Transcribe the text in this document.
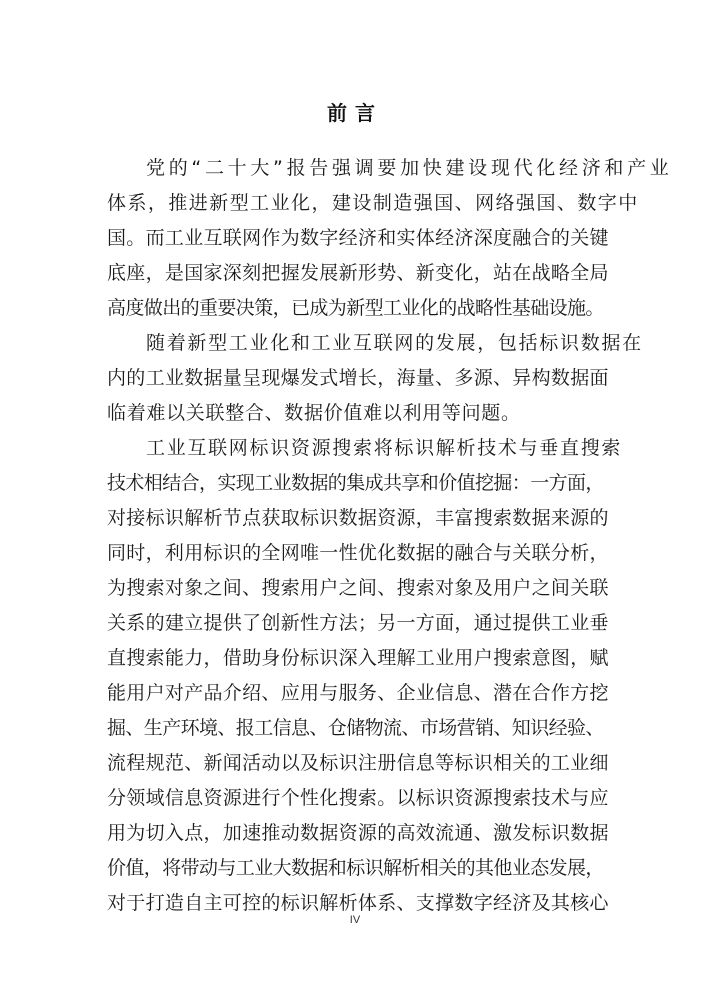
前言
党的“二十大”报告强调要加快建设现代化经济和产业
体系，推进新型工业化，建设制造强国、网络强国、数字中
国。而工业互联网作为数字经济和实体经济深度融合的关键
底座，是国家深刻把握发展新形势、新变化，站在战略全局
高度做出的重要决策，已成为新型工业化的战略性基础设施。
随着新型工业化和工业互联网的发展，包括标识数据在
内的工业数据量呈现爆发式增长，海量、多源、异构数据面
临着难以关联整合、数据价值难以利用等问题。
工业互联网标识资源搜索将标识解析技术与垂直搜索
技术相结合，实现工业数据的集成共享和价值挖掘：一方面，
对接标识解析节点获取标识数据资源，丰富搜索数据来源的
同时，利用标识的全网唯一性优化数据的融合与关联分析，
为搜索对象之间、搜索用户之间、搜索对象及用户之间关联
关系的建立提供了创新性方法；另一方面，通过提供工业垂
直搜索能力，借助身份标识深入理解工业用户搜索意图，赋
能用户对产品介绍、应用与服务、企业信息、潜在合作方挖
掘、生产环境、报工信息、仓储物流、市场营销、知识经验、
流程规范、新闻活动以及标识注册信息等标识相关的工业细
分领域信息资源进行个性化搜索。以标识资源搜索技术与应
用为切入点，加速推动数据资源的高效流通、激发标识数据
价值，将带动与工业大数据和标识解析相关的其他业态发展，
对于打造自主可控的标识解析体系、支撑数字经济及其核心
IV
